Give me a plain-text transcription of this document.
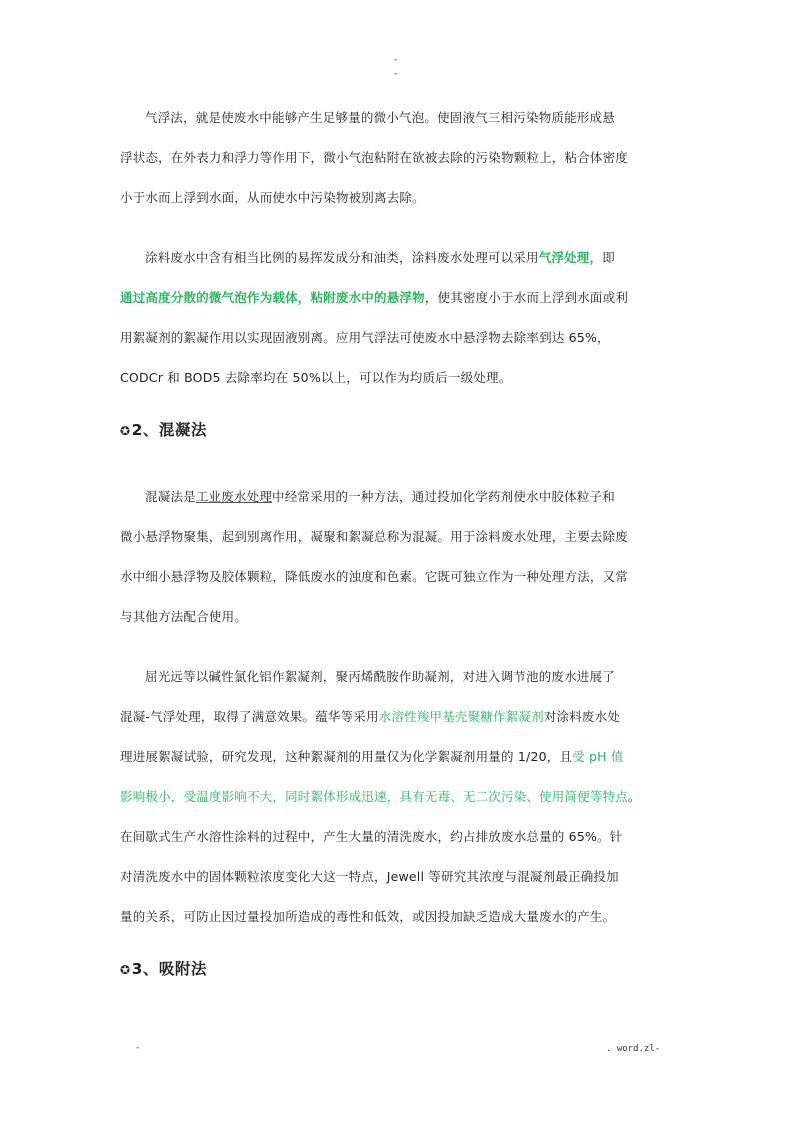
-
-

气浮法，就是使废水中能够产生足够量的微小气泡。使固液气三相污染物质能形成悬
浮状态，在外表力和浮力等作用下，微小气泡粘附在欲被去除的污染物颗粒上，粘合体密度
小于水而上浮到水面，从而使水中污染物被别离去除。

涂料废水中含有相当比例的易挥发成分和油类，涂料废水处理可以采用气浮处理，即
通过高度分散的微气泡作为载体，粘附废水中的悬浮物，使其密度小于水而上浮到水面或利
用絮凝剂的絮凝作用以实现固液别离。应用气浮法可使废水中悬浮物去除率到达 65%，
CODCr 和 BOD5 去除率均在 50%以上，可以作为均质后一级处理。

✪2、混凝法

混凝法是工业废水处理中经常采用的一种方法，通过投加化学药剂使水中胶体粒子和
微小悬浮物聚集，起到别离作用，凝聚和絮凝总称为混凝。用于涂料废水处理，主要去除废
水中细小悬浮物及胶体颗粒，降低废水的浊度和色素。它既可独立作为一种处理方法，又常
与其他方法配合使用。

屈光远等以碱性氯化铝作絮凝剂，聚丙烯酰胺作助凝剂，对进入调节池的废水进展了
混凝-气浮处理，取得了满意效果。蕴华等采用水溶性羧甲基壳聚糖作絮凝剂对涂料废水处
理进展絮凝试验，研究发现，这种絮凝剂的用量仅为化学絮凝剂用量的 1/20，且受 pH 值
影响极小，受温度影响不大，同时絮体形成迅速，具有无毒、无二次污染、使用简便等特点。
在间歇式生产水溶性涂料的过程中，产生大量的清洗废水，约占排放废水总量的 65%。针
对清洗废水中的固体颗粒浓度变化大这一特点，Jewell 等研究其浓度与混凝剂最正确投加
量的关系，可防止因过量投加所造成的毒性和低效，或因投加缺乏造成大量废水的产生。

✪3、吸附法
-	. word.zl-
